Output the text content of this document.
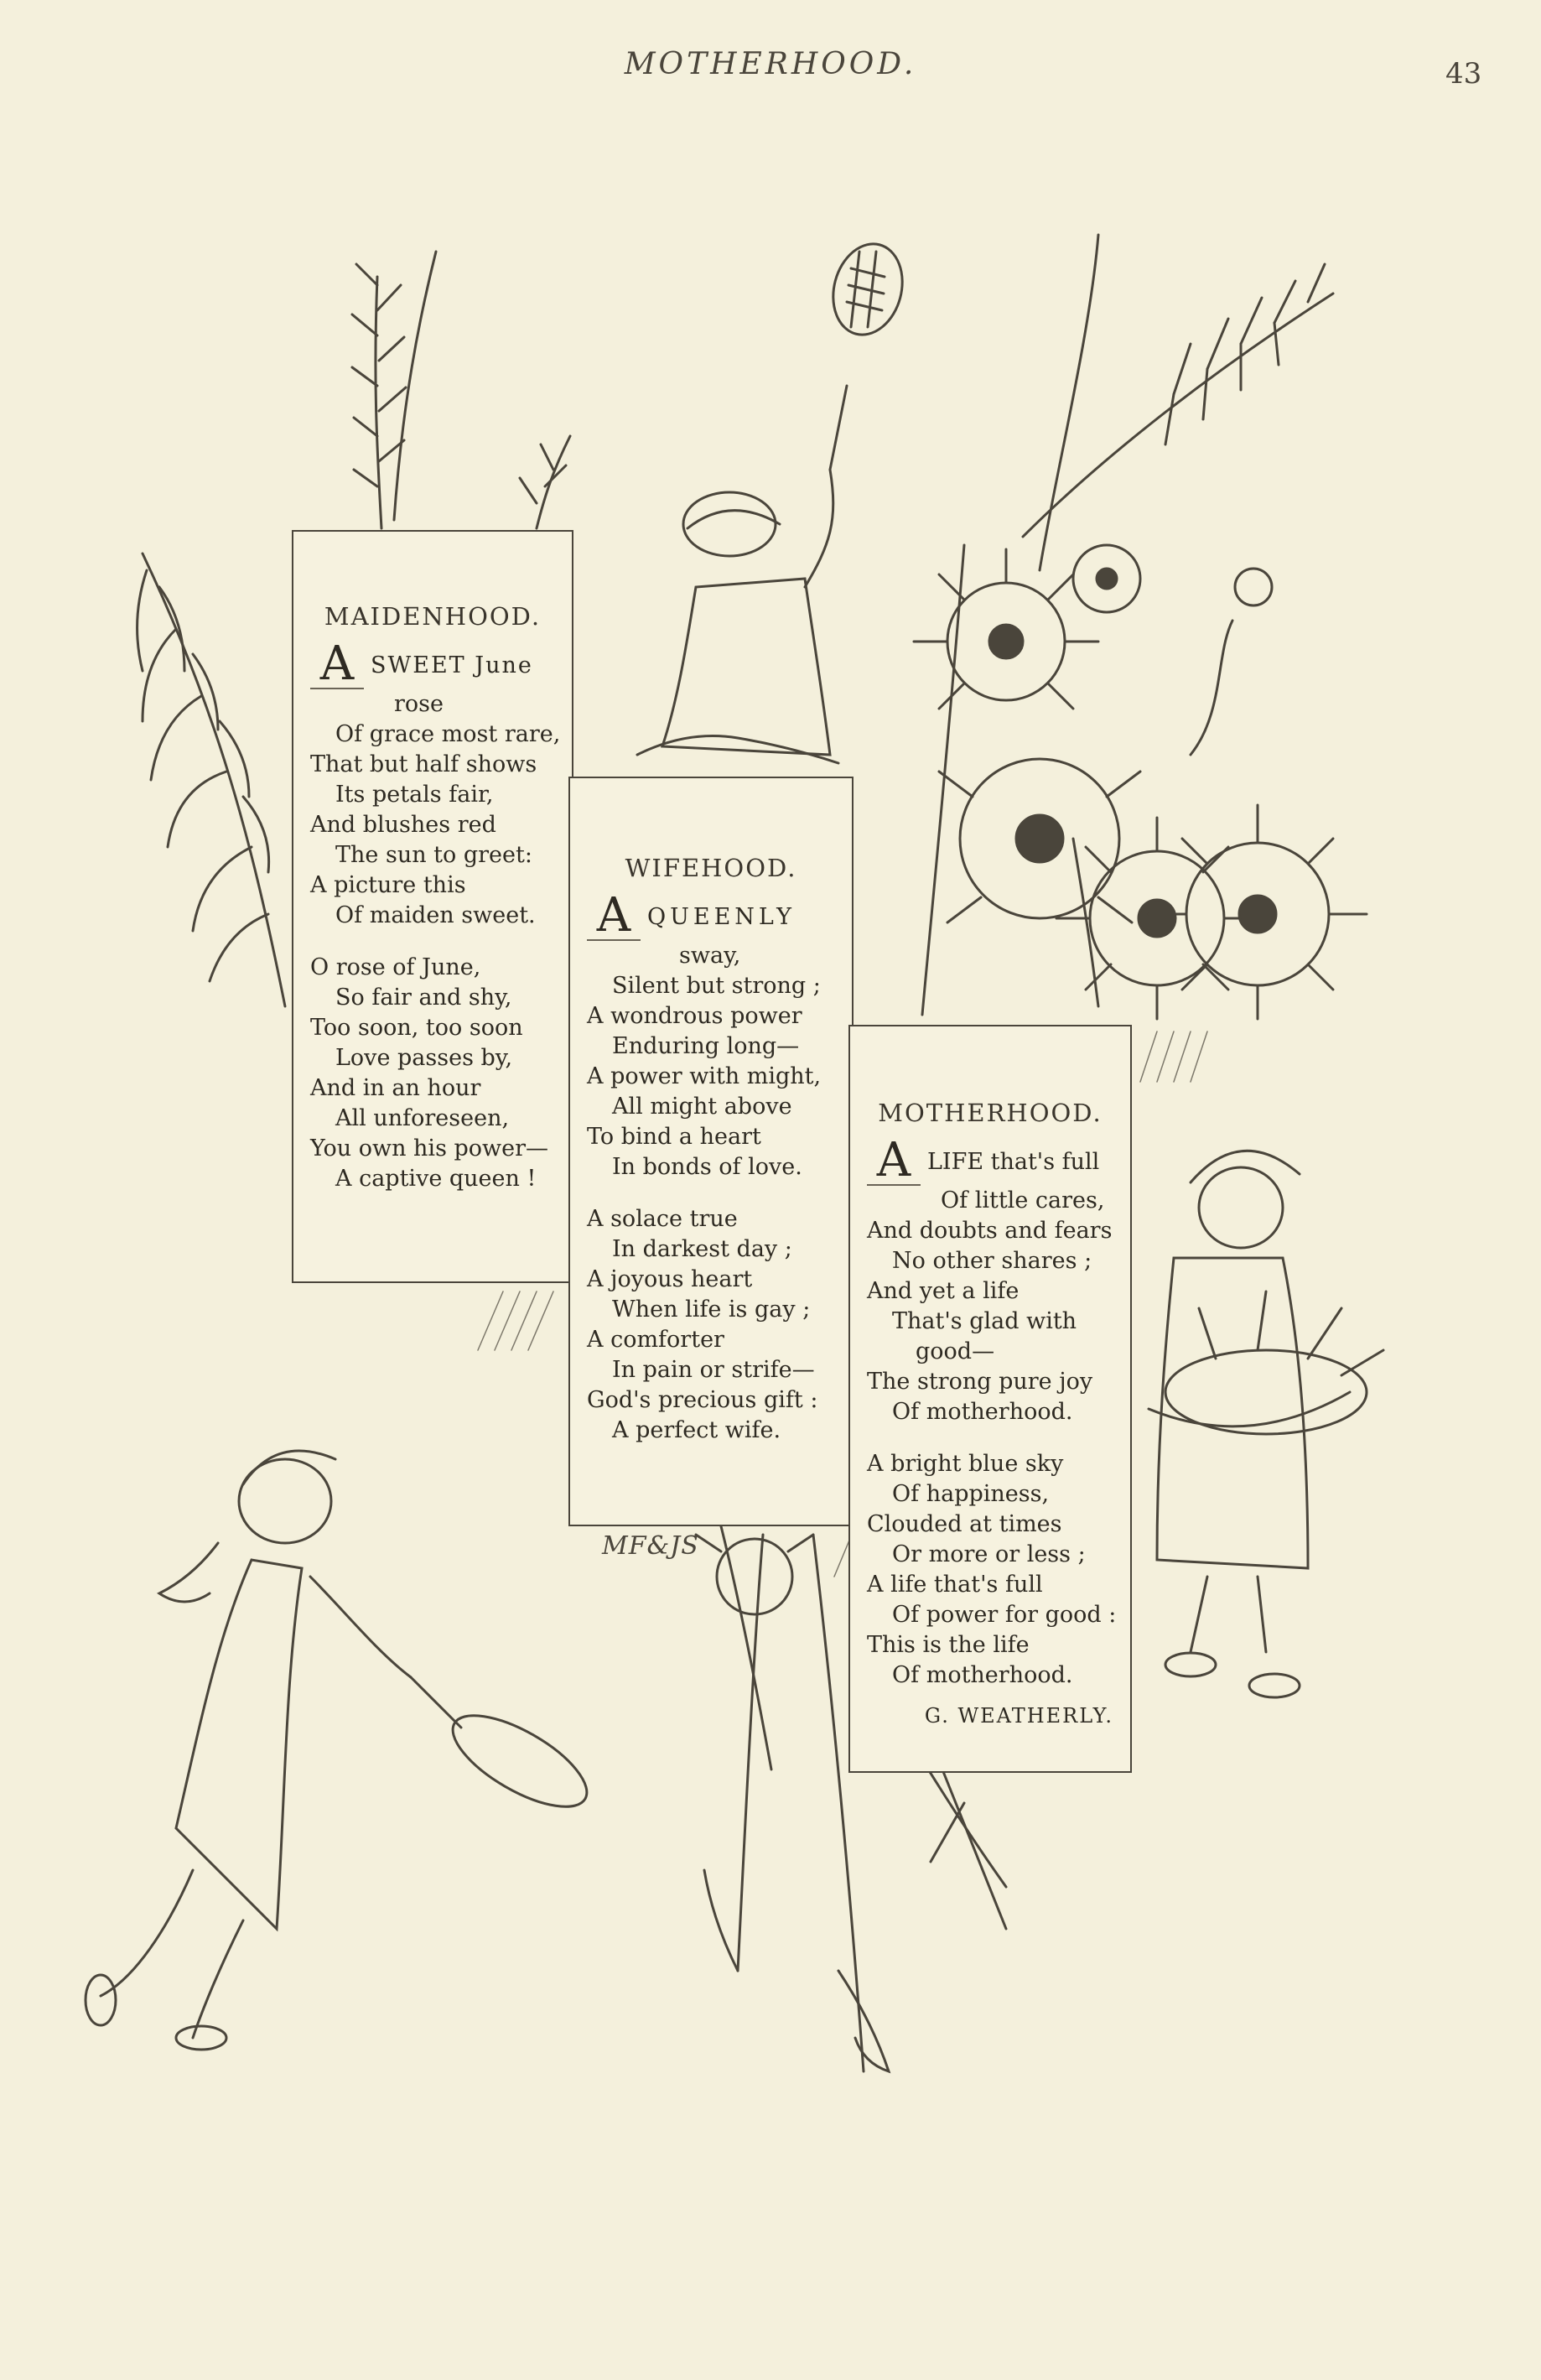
MOTHERHOOD.	43
MAIDENHOOD.
A SWEET June
rose
Of grace most rare,
That but half shows
Its petals fair,
And blushes red
The sun to greet:
A picture this
Of maiden sweet.
O rose of June,
So fair and shy,
Too soon, too soon
Love passes by,
And in an hour
All unforeseen,
You own his power—
A captive queen !
WIFEHOOD.
A QUEENLY
sway,
Silent but strong ;
A wondrous power
Enduring long—
A power with might,
All might above
To bind a heart
In bonds of love.
A solace true
In darkest day ;
A joyous heart
When life is gay ;
A comforter
In pain or strife—
God's precious gift :
A perfect wife.
MOTHERHOOD.
A LIFE that's full
Of little cares,
And doubts and fears
No other shares ;
And yet a life
That's glad with
good—
The strong pure joy
Of motherhood.
A bright blue sky
Of happiness,
Clouded at times
Or more or less ;
A life that's full
Of power for good :
This is the life
Of motherhood.
G. WEATHERLY.
MF&JS
